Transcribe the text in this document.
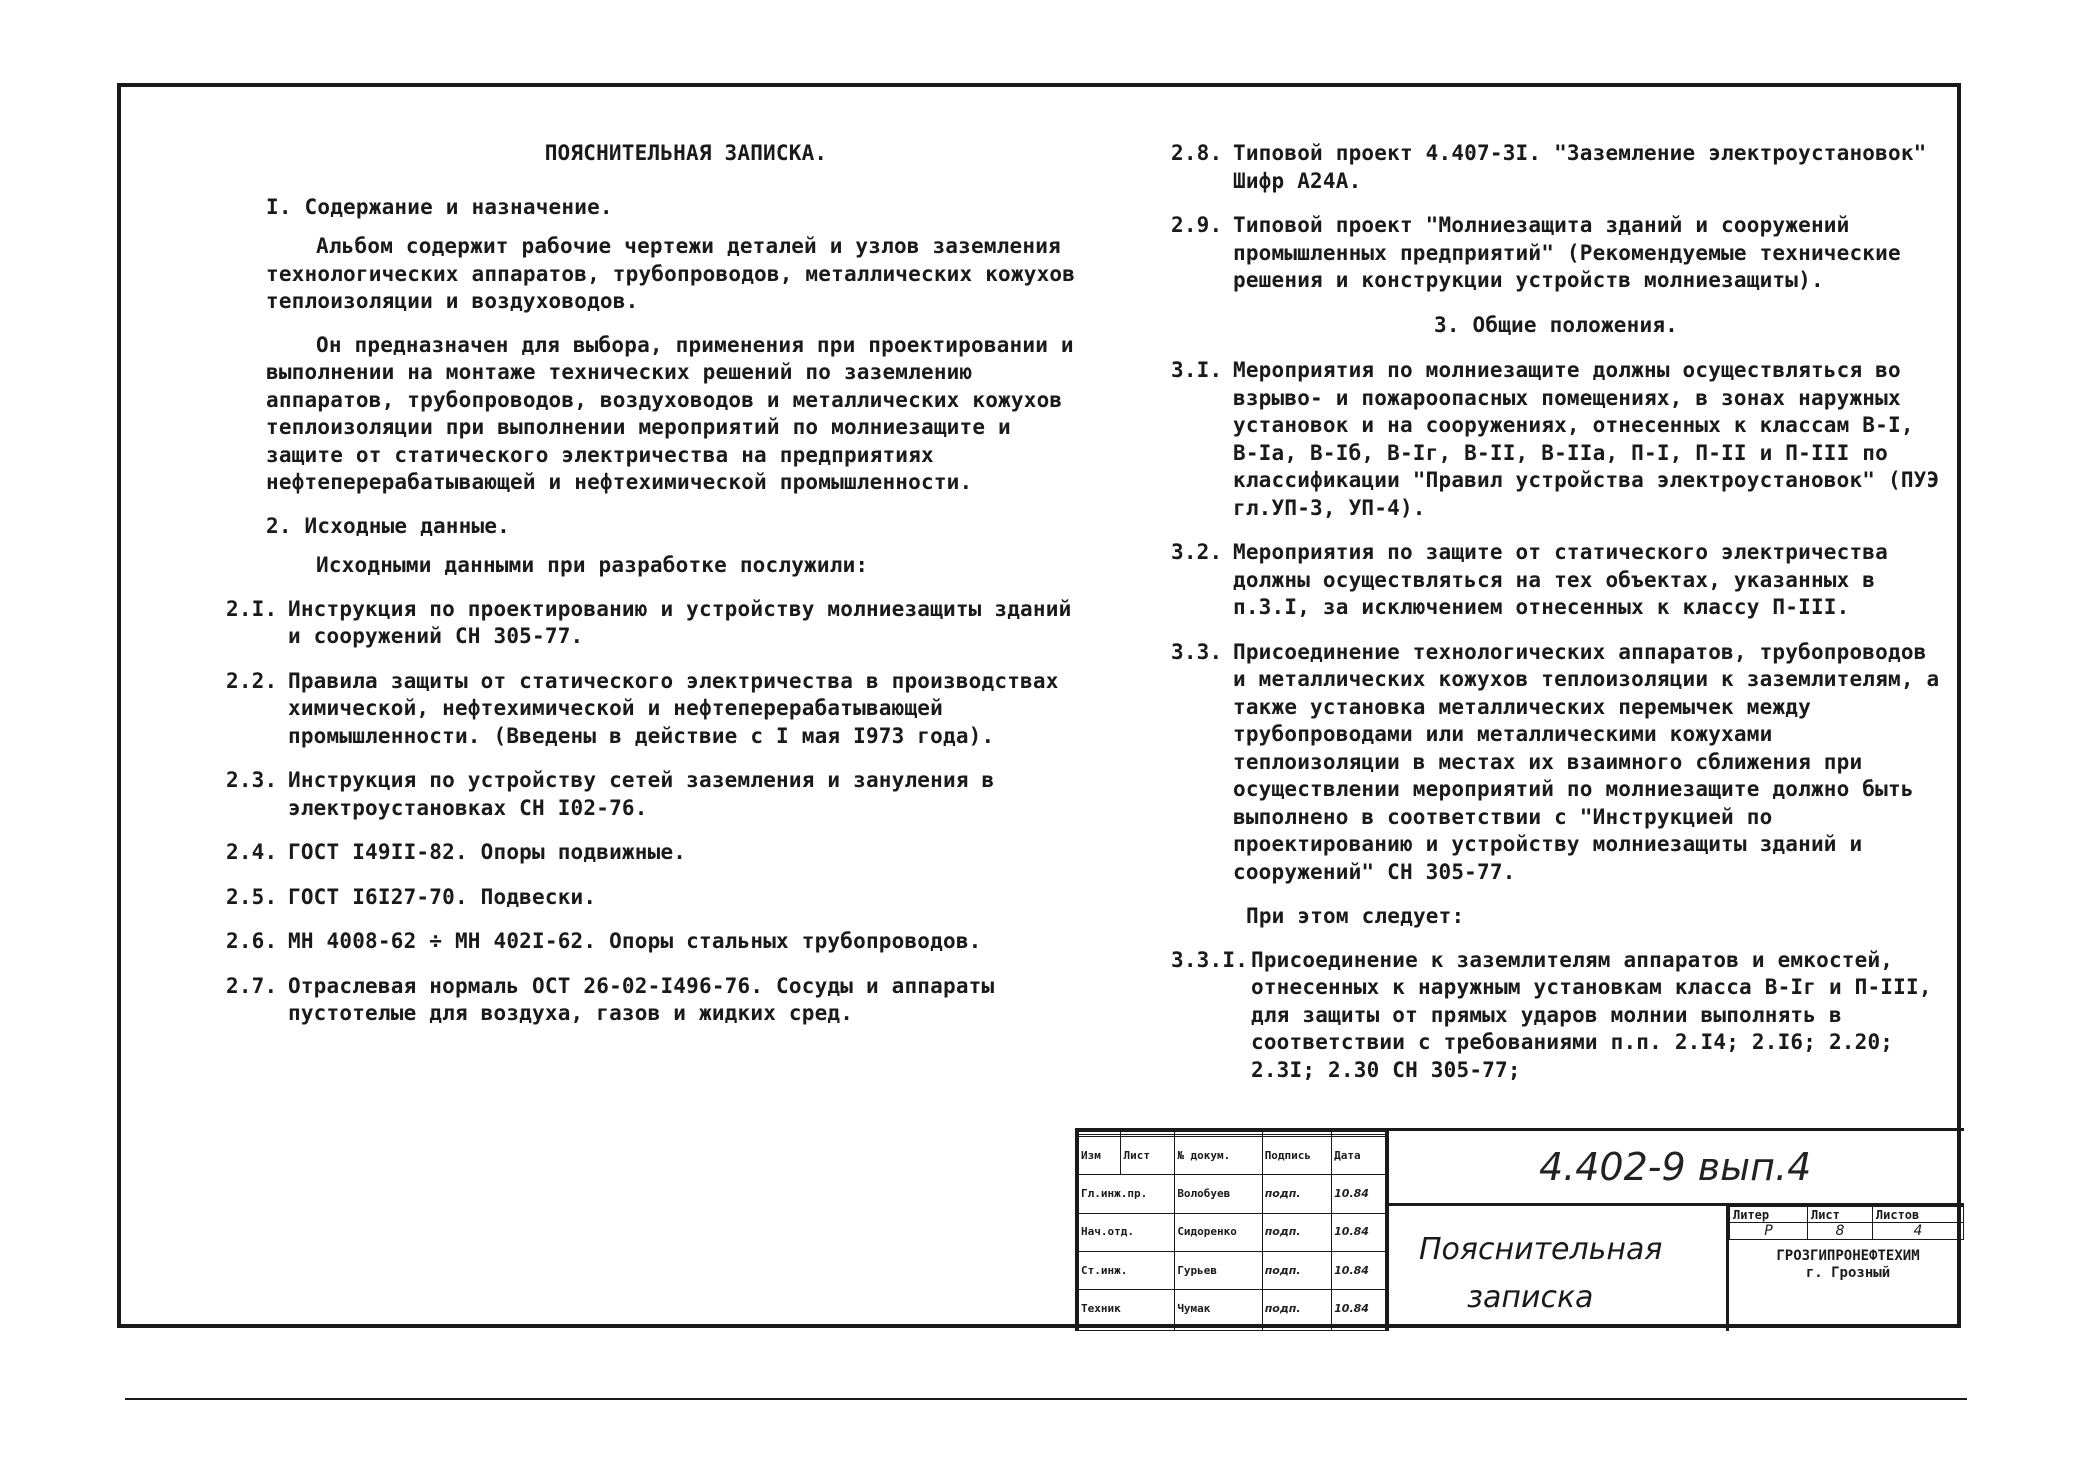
ПОЯСНИТЕЛЬНАЯ ЗАПИСКА.
I. Содержание и назначение.
Альбом содержит рабочие чертежи деталей и узлов заземления технологических аппаратов, трубопроводов, металлических кожухов теплоизоляции и воздуховодов.
Он предназначен для выбора, применения при проектировании и выполнении на монтаже технических решений по заземлению аппаратов, трубопроводов, воздуховодов и металлических кожухов теплоизоляции при выполнении мероприятий по молниезащите и защите от статического электричества на предприятиях нефтеперерабатывающей и нефтехимической промышленности.
2. Исходные данные.
Исходными данными при разработке послужили:
2.I. Инструкция по проектированию и устройству молниезащиты зданий и сооружений СН 305-77.
2.2. Правила защиты от статического электричества в производствах химической, нефтехимической и нефтеперерабатывающей промышленности. (Введены в действие с I мая I973 года).
2.3. Инструкция по устройству сетей заземления и зануления в электроустановках СН I02-76.
2.4. ГОСТ I49II-82. Опоры подвижные.
2.5. ГОСТ I6I27-70. Подвески.
2.6. МН 4008-62 ÷ МН 402I-62. Опоры стальных трубопроводов.
2.7. Отраслевая нормаль ОСТ 26-02-I496-76. Сосуды и аппараты пустотелые для воздуха, газов и жидких сред.
2.8. Типовой проект 4.407-3I. "Заземление электроустановок" Шифр А24А.
2.9. Типовой проект "Молниезащита зданий и сооружений промышленных предприятий" (Рекомендуемые технические решения и конструкции устройств молниезащиты).
3. Общие положения.
3.I. Мероприятия по молниезащите должны осуществляться во взрыво- и пожароопасных помещениях, в зонах наружных установок и на сооружениях, отнесенных к классам В-I, В-Iа, В-Iб, В-Iг, В-II, В-IIа, П-I, П-II и П-III по классификации "Правил устройства электроустановок" (ПУЭ гл.УП-3, УП-4).
3.2. Мероприятия по защите от статического электричества должны осуществляться на тех объектах, указанных в п.3.I, за исключением отнесенных к классу П-III.
3.3. Присоединение технологических аппаратов, трубопроводов и металлических кожухов теплоизоляции к заземлителям, а также установка металлических перемычек между трубопроводами или металлическими кожухами теплоизоляции в местах их взаимного сближения при осуществлении мероприятий по молниезащите должно быть выполнено в соответствии с "Инструкцией по проектированию и устройству молниезащиты зданий и сооружений" СН 305-77.
При этом следует:
3.3.I. Присоединение к заземлителям аппаратов и емкостей, отнесенных к наружным установкам класса В-Iг и П-III, для защиты от прямых ударов молнии выполнять в соответствии с требованиями п.п. 2.I4; 2.I6; 2.20; 2.3I; 2.30 СН 305-77;

Изм	Лист	№ докум.	Подпись	Дата
Гл.инж.пр.		Волобуев	подп.	10.84
Нач.отд.		Сидоренко	подп.	10.84
Ст.инж.		Гурьев	подп.	10.84
Техник		Чумак	подп.	10.84

4.402-9 вып.4
Пояснительная
записка
Литер	Лист	Листов
Р	8	4
ГРОЗГИПРОНЕФТЕХИМ
г. Грозный
